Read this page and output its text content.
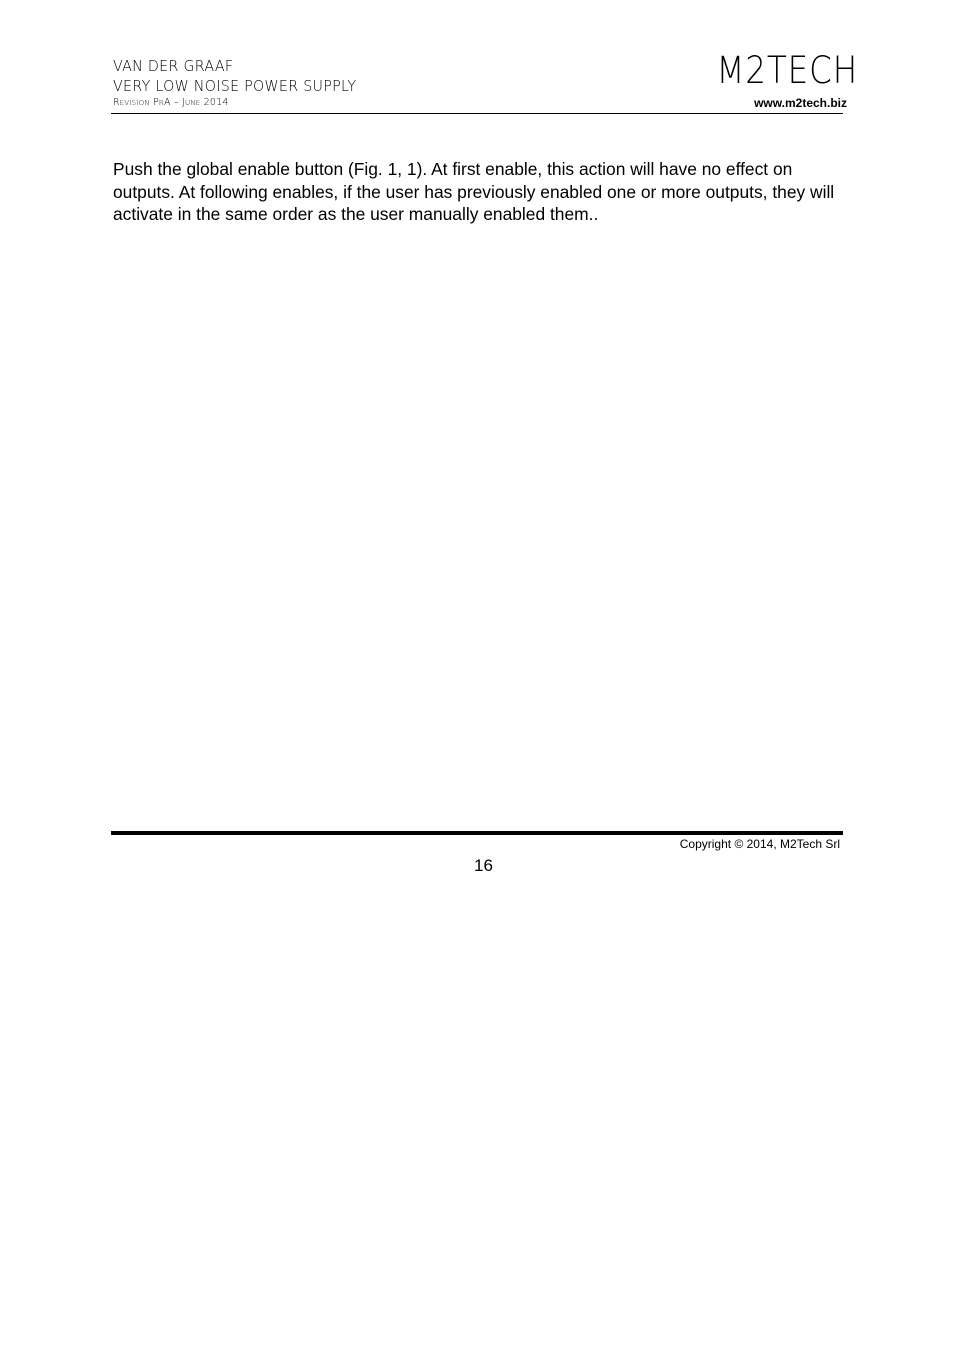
VAN DER GRAAF
VERY LOW NOISE POWER SUPPLY
Revision PrA – June 2014
M2TECH
www.m2tech.biz

Push the global enable button (Fig. 1, 1). At first enable, this action will have no effect on outputs. At following enables, if the user has previously enabled one or more outputs, they will activate in the same order as the user manually enabled them..

Copyright © 2014, M2Tech Srl
16
